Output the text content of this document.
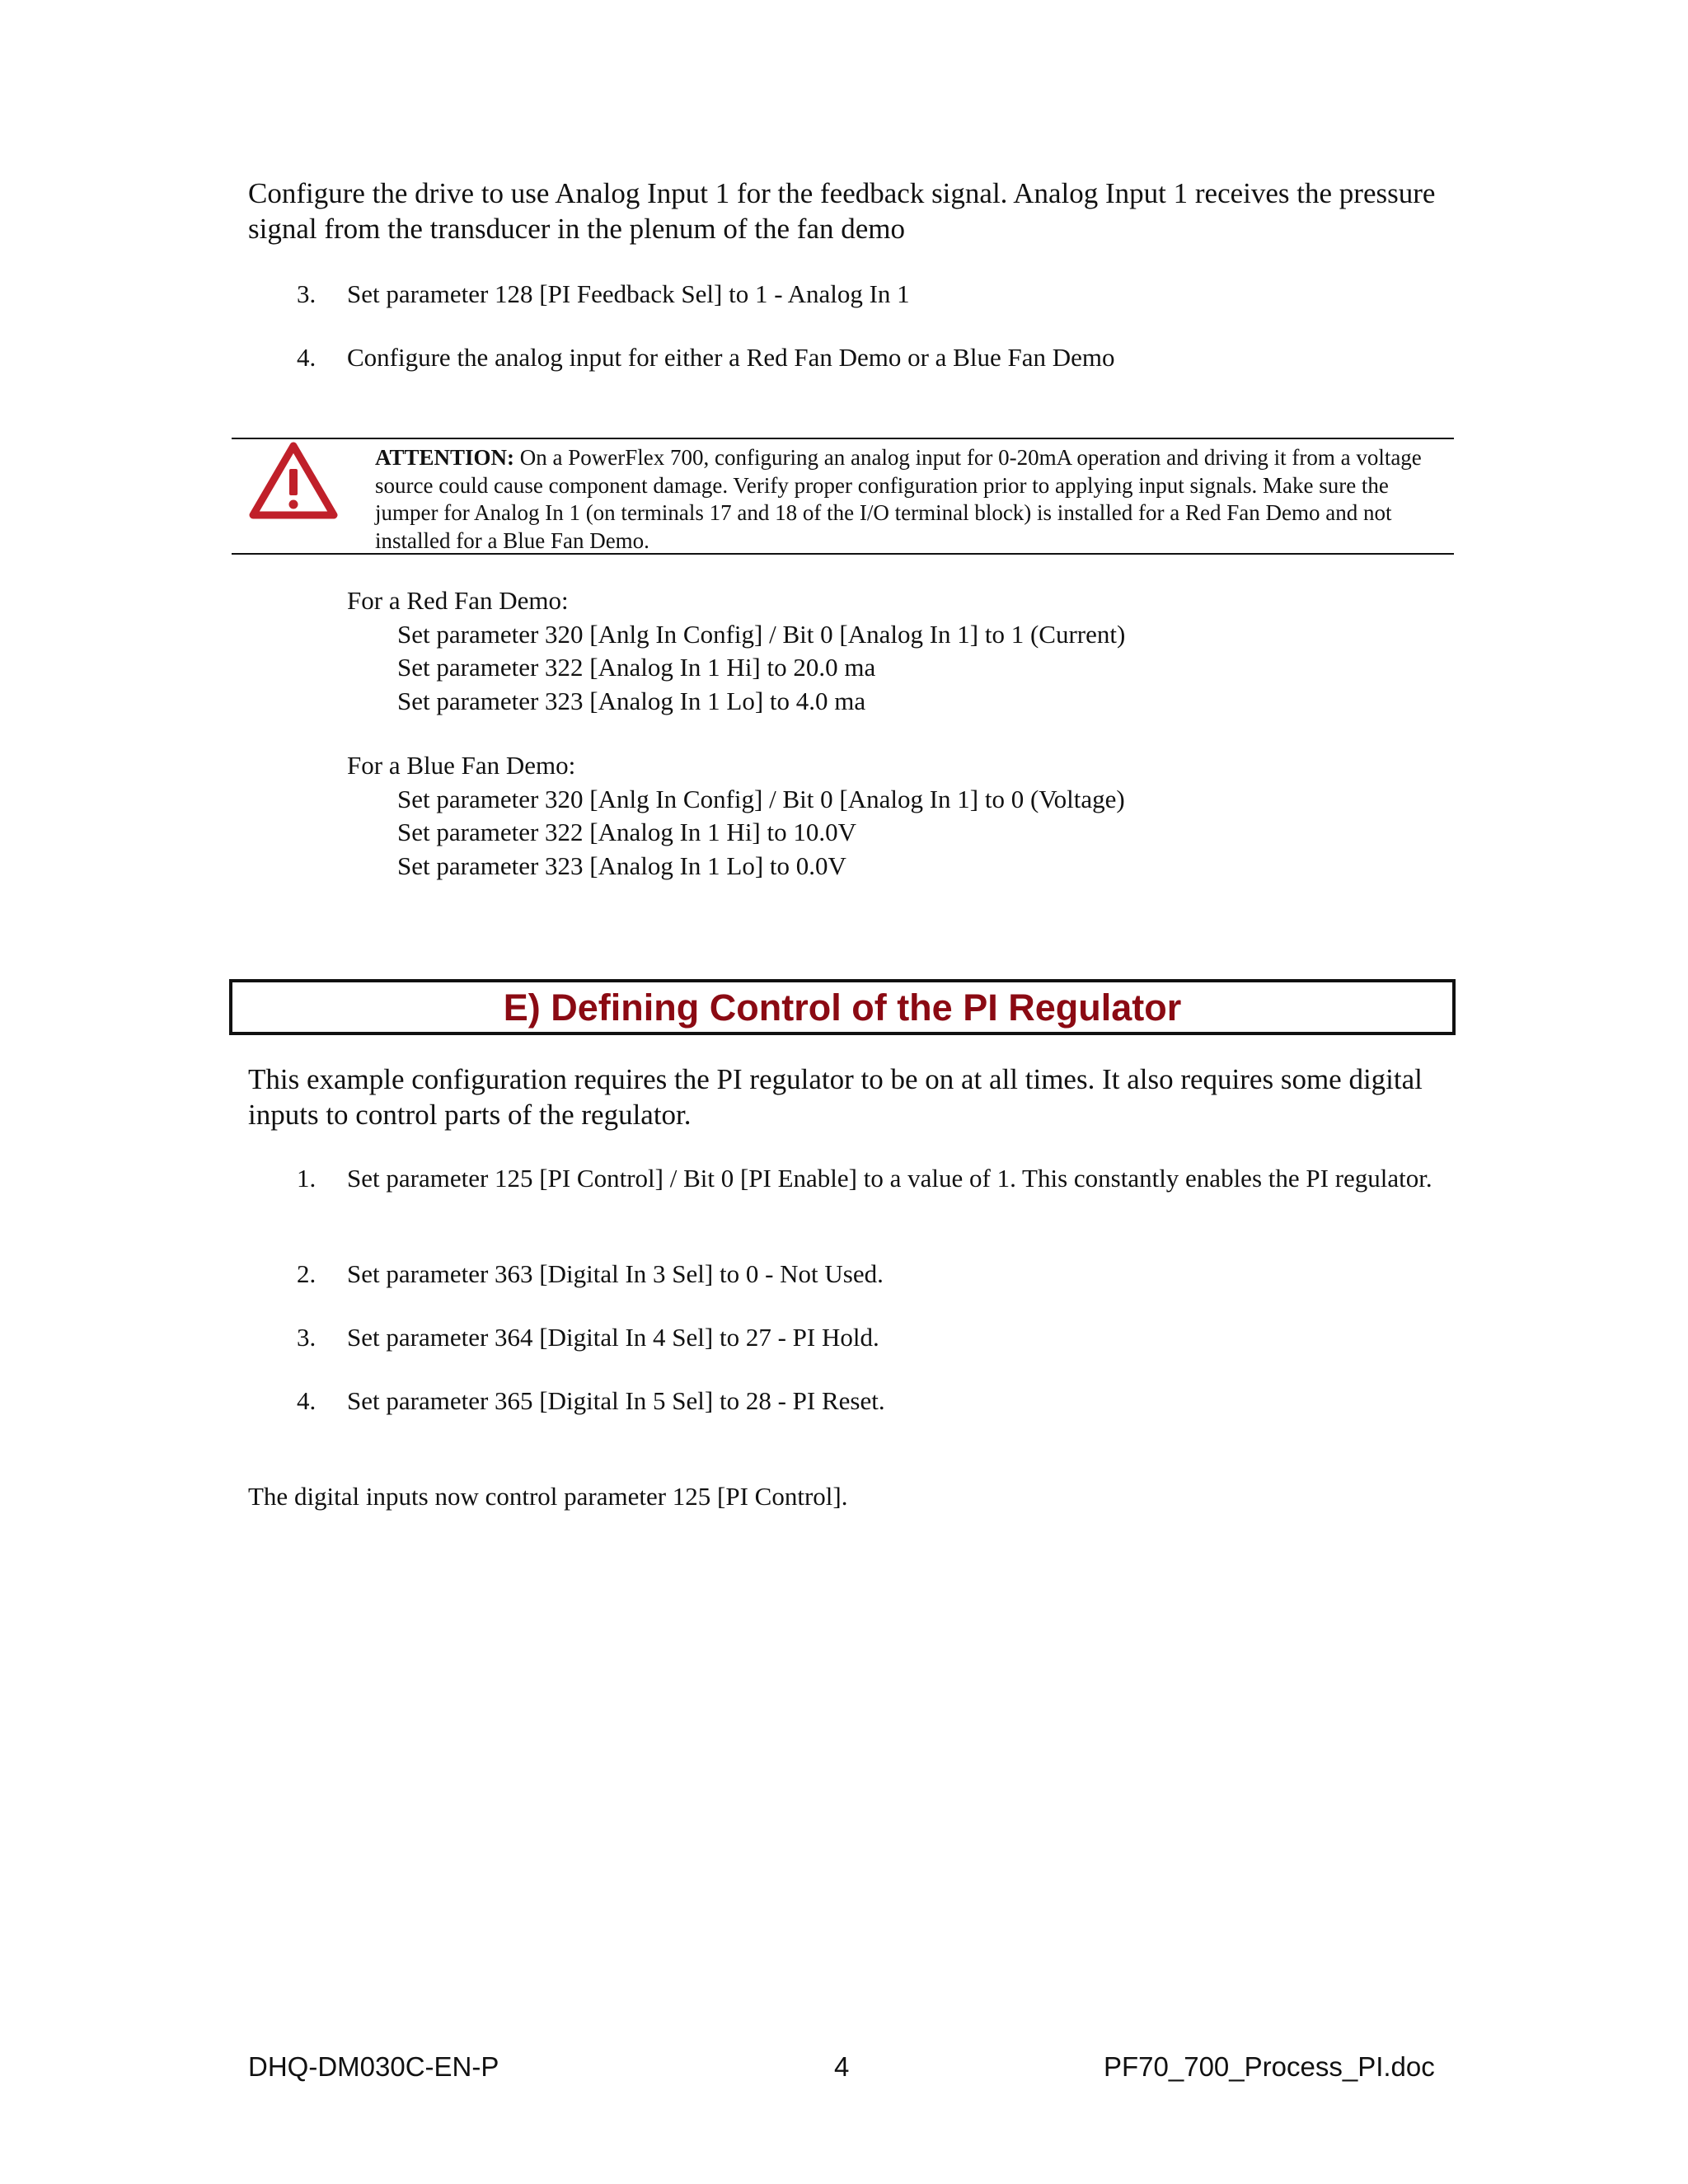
Configure the drive to use Analog Input 1 for the feedback signal. Analog Input 1 receives the pressure signal from the transducer in the plenum of the fan demo

3. Set parameter 128 [PI Feedback Sel] to 1 - Analog In 1
4. Configure the analog input for either a Red Fan Demo or a Blue Fan Demo
ATTENTION: On a PowerFlex 700, configuring an analog input for 0-20mA operation and driving it from a voltage source could cause component damage. Verify proper configuration prior to applying input signals. Make sure the jumper for Analog In 1 (on terminals 17 and 18 of the I/O terminal block) is installed for a Red Fan Demo and not installed for a Blue Fan Demo.
For a Red Fan Demo:
Set parameter 320 [Anlg In Config] / Bit 0 [Analog In 1] to 1 (Current)
Set parameter 322 [Analog In 1 Hi] to 20.0 ma
Set parameter 323 [Analog In 1 Lo] to 4.0 ma
For a Blue Fan Demo:
Set parameter 320 [Anlg In Config] / Bit 0 [Analog In 1] to 0 (Voltage)
Set parameter 322 [Analog In 1 Hi] to 10.0V
Set parameter 323 [Analog In 1 Lo] to 0.0V
E) Defining Control of the PI Regulator

This example configuration requires the PI regulator to be on at all times. It also requires some digital inputs to control parts of the regulator.

1. Set parameter 125 [PI Control] / Bit 0 [PI Enable] to a value of 1. This constantly enables the PI regulator.
2. Set parameter 363 [Digital In 3 Sel] to 0 - Not Used.
3. Set parameter 364 [Digital In 4 Sel] to 27 - PI Hold.
4. Set parameter 365 [Digital In 5 Sel] to 28 - PI Reset.
The digital inputs now control parameter 125 [PI Control].
DHQ-DM030C-EN-P	4	PF70_700_Process_PI.doc
